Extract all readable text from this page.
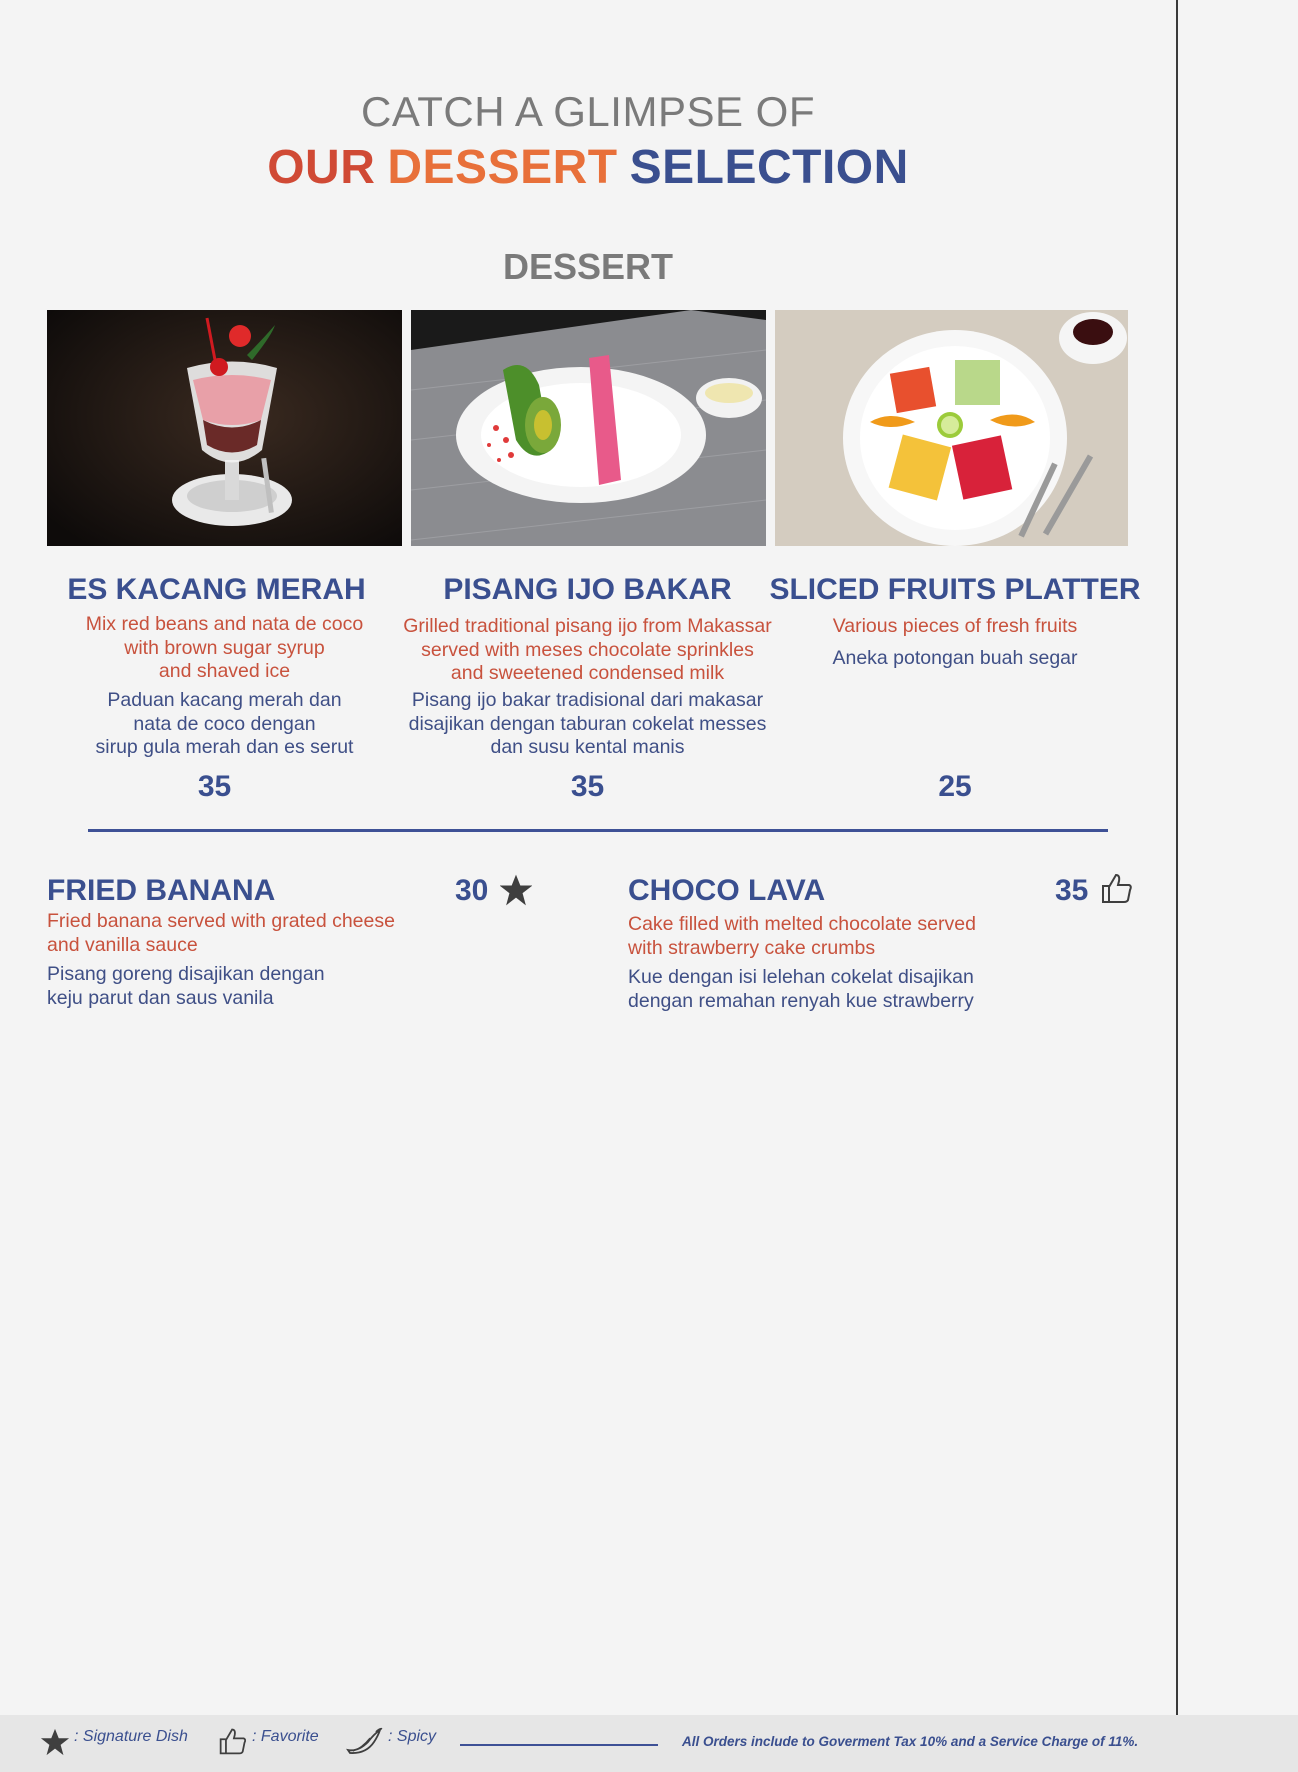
CATCH A GLIMPSE OF
OUR DESSERT SELECTION
DESSERT
ES KACANG MERAH
Mix red beans and nata de coco
with brown sugar syrup
and shaved ice
Paduan kacang merah dan
nata de coco dengan
sirup gula merah dan es serut
35
PISANG IJO BAKAR
Grilled traditional pisang ijo from Makassar
served with meses chocolate sprinkles
and sweetened condensed milk
Pisang ijo bakar tradisional dari makasar
disajikan dengan taburan cokelat messes
dan susu kental manis
35
SLICED FRUITS PLATTER
Various pieces of fresh fruits
Aneka potongan buah segar
25
FRIED BANANA	30
Fried banana served with grated cheese
and vanilla sauce
Pisang goreng disajikan dengan
keju parut dan saus vanila
CHOCO LAVA	35
Cake filled with melted chocolate served
with strawberry cake crumbs
Kue dengan isi lelehan cokelat disajikan
dengan remahan renyah kue strawberry
: Signature Dish	: Favorite	: Spicy	All Orders include to Goverment Tax 10% and a Service Charge of 11%.
